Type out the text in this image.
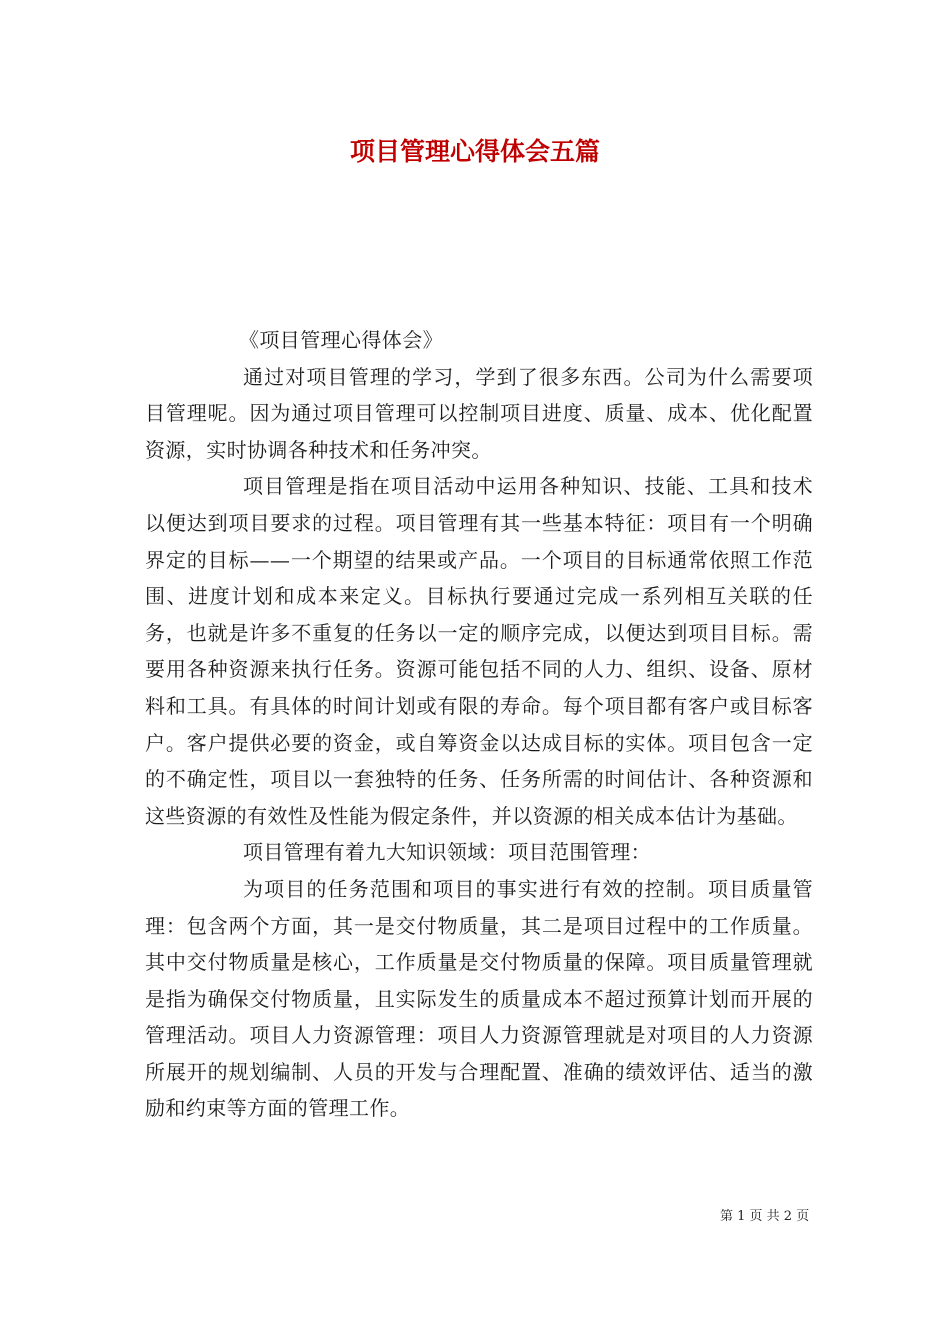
项目管理心得体会五篇

《项目管理心得体会》

通过对项目管理的学习，学到了很多东西。公司为什么需要项目管理呢。因为通过项目管理可以控制项目进度、质量、成本、优化配置资源，实时协调各种技术和任务冲突。

项目管理是指在项目活动中运用各种知识、技能、工具和技术以便达到项目要求的过程。项目管理有其一些基本特征：项目有一个明确界定的目标——一个期望的结果或产品。一个项目的目标通常依照工作范围、进度计划和成本来定义。目标执行要通过完成一系列相互关联的任务，也就是许多不重复的任务以一定的顺序完成，以便达到项目目标。需要用各种资源来执行任务。资源可能包括不同的人力、组织、设备、原材料和工具。有具体的时间计划或有限的寿命。每个项目都有客户或目标客户。客户提供必要的资金，或自筹资金以达成目标的实体。项目包含一定的不确定性，项目以一套独特的任务、任务所需的时间估计、各种资源和这些资源的有效性及性能为假定条件，并以资源的相关成本估计为基础。

项目管理有着九大知识领域：项目范围管理：

为项目的任务范围和项目的事实进行有效的控制。项目质量管理：包含两个方面，其一是交付物质量，其二是项目过程中的工作质量。其中交付物质量是核心，工作质量是交付物质量的保障。项目质量管理就是指为确保交付物质量，且实际发生的质量成本不超过预算计划而开展的管理活动。项目人力资源管理：项目人力资源管理就是对项目的人力资源所展开的规划编制、人员的开发与合理配置、准确的绩效评估、适当的激励和约束等方面的管理工作。

第 1 页 共 2 页
